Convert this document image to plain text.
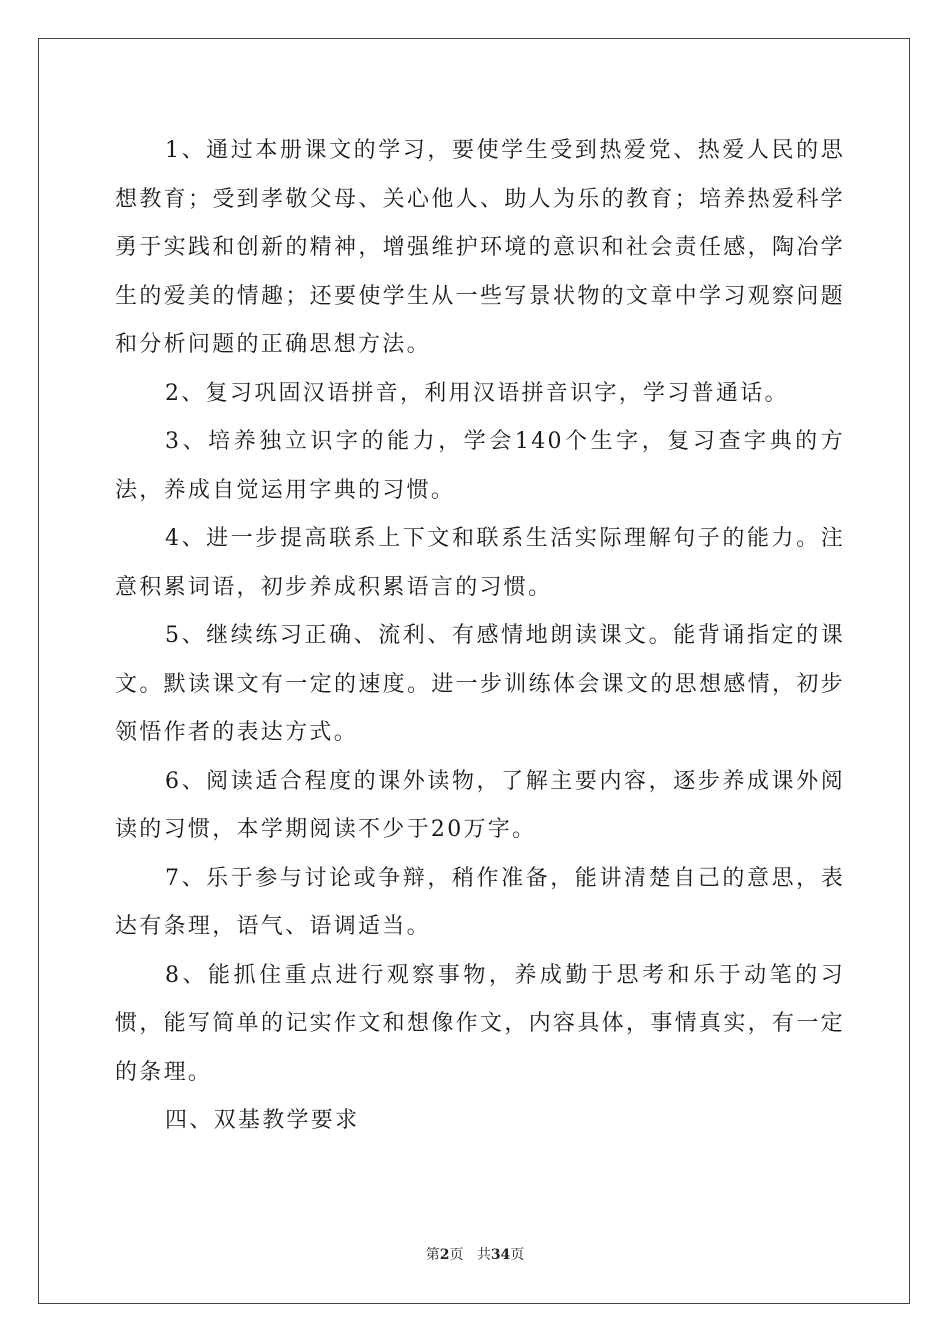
1、通过本册课文的学习，要使学生受到热爱党、热爱人民的思想教育；受到孝敬父母、关心他人、助人为乐的教育；培养热爱科学勇于实践和创新的精神，增强维护环境的意识和社会责任感，陶冶学生的爱美的情趣；还要使学生从一些写景状物的文章中学习观察问题和分析问题的正确思想方法。

2、复习巩固汉语拼音，利用汉语拼音识字，学习普通话。

3、培养独立识字的能力，学会140个生字，复习查字典的方法，养成自觉运用字典的习惯。

4、进一步提高联系上下文和联系生活实际理解句子的能力。注意积累词语，初步养成积累语言的习惯。

5、继续练习正确、流利、有感情地朗读课文。能背诵指定的课文。默读课文有一定的速度。进一步训练体会课文的思想感情，初步领悟作者的表达方式。

6、阅读适合程度的课外读物，了解主要内容，逐步养成课外阅读的习惯，本学期阅读不少于20万字。

7、乐于参与讨论或争辩，稍作准备，能讲清楚自己的意思，表达有条理，语气、语调适当。

8、能抓住重点进行观察事物，养成勤于思考和乐于动笔的习惯，能写简单的记实作文和想像作文，内容具体，事情真实，有一定的条理。

四、双基教学要求

第2页 共34页
